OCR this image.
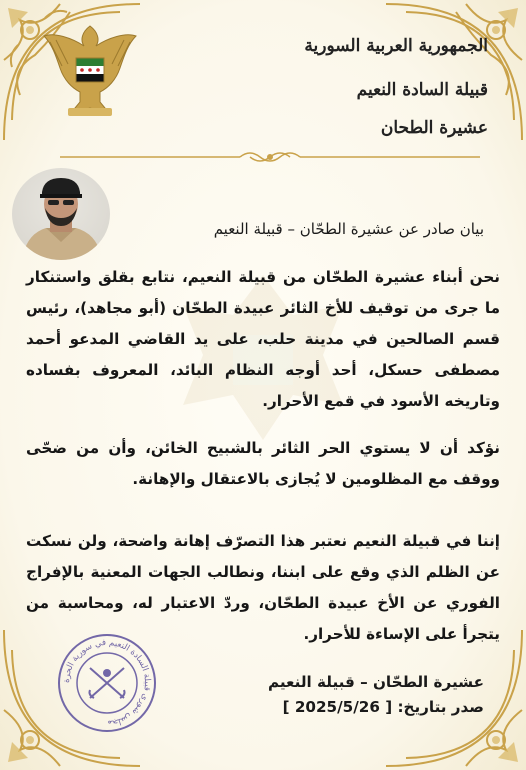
الجمهورية العربية السورية
قبيلة السادة النعيم
عشيرة الطحان
بيان صادر عن عشيرة الطحّان – قبيلة النعيم
نحن أبناء عشيرة الطحّان من قبيلة النعيم، نتابع بقلق واستنكار ما جرى من توقيف للأخ الثائر عبيدة الطحّان (أبو مجاهد)، رئيس قسم الصالحين في مدينة حلب، على يد القاضي المدعو أحمد مصطفى حسكل، أحد أوجه النظام البائد، المعروف بفساده وتاريخه الأسود في قمع الأحرار.
نؤكد أن لا يستوي الحر الثائر بالشبيح الخائن، وأن من ضحّى ووقف مع المظلومين لا يُجازى بالاعتقال والإهانة.
إننا في قبيلة النعيم نعتبر هذا التصرّف إهانة واضحة، ولن نسكت عن الظلم الذي وقع على ابننا، ونطالب الجهات المعنية بالإفراج الفوري عن الأخ عبيدة الطحّان، وردّ الاعتبار له، ومحاسبة من يتجرأ على الإساءة للأحرار.
عشيرة الطحّان – قبيلة النعيم
صدر بتاريخ: [ 2025/5/26 ]
مجلس شورى قبيلة السادة النعيم في سورية الحرة
